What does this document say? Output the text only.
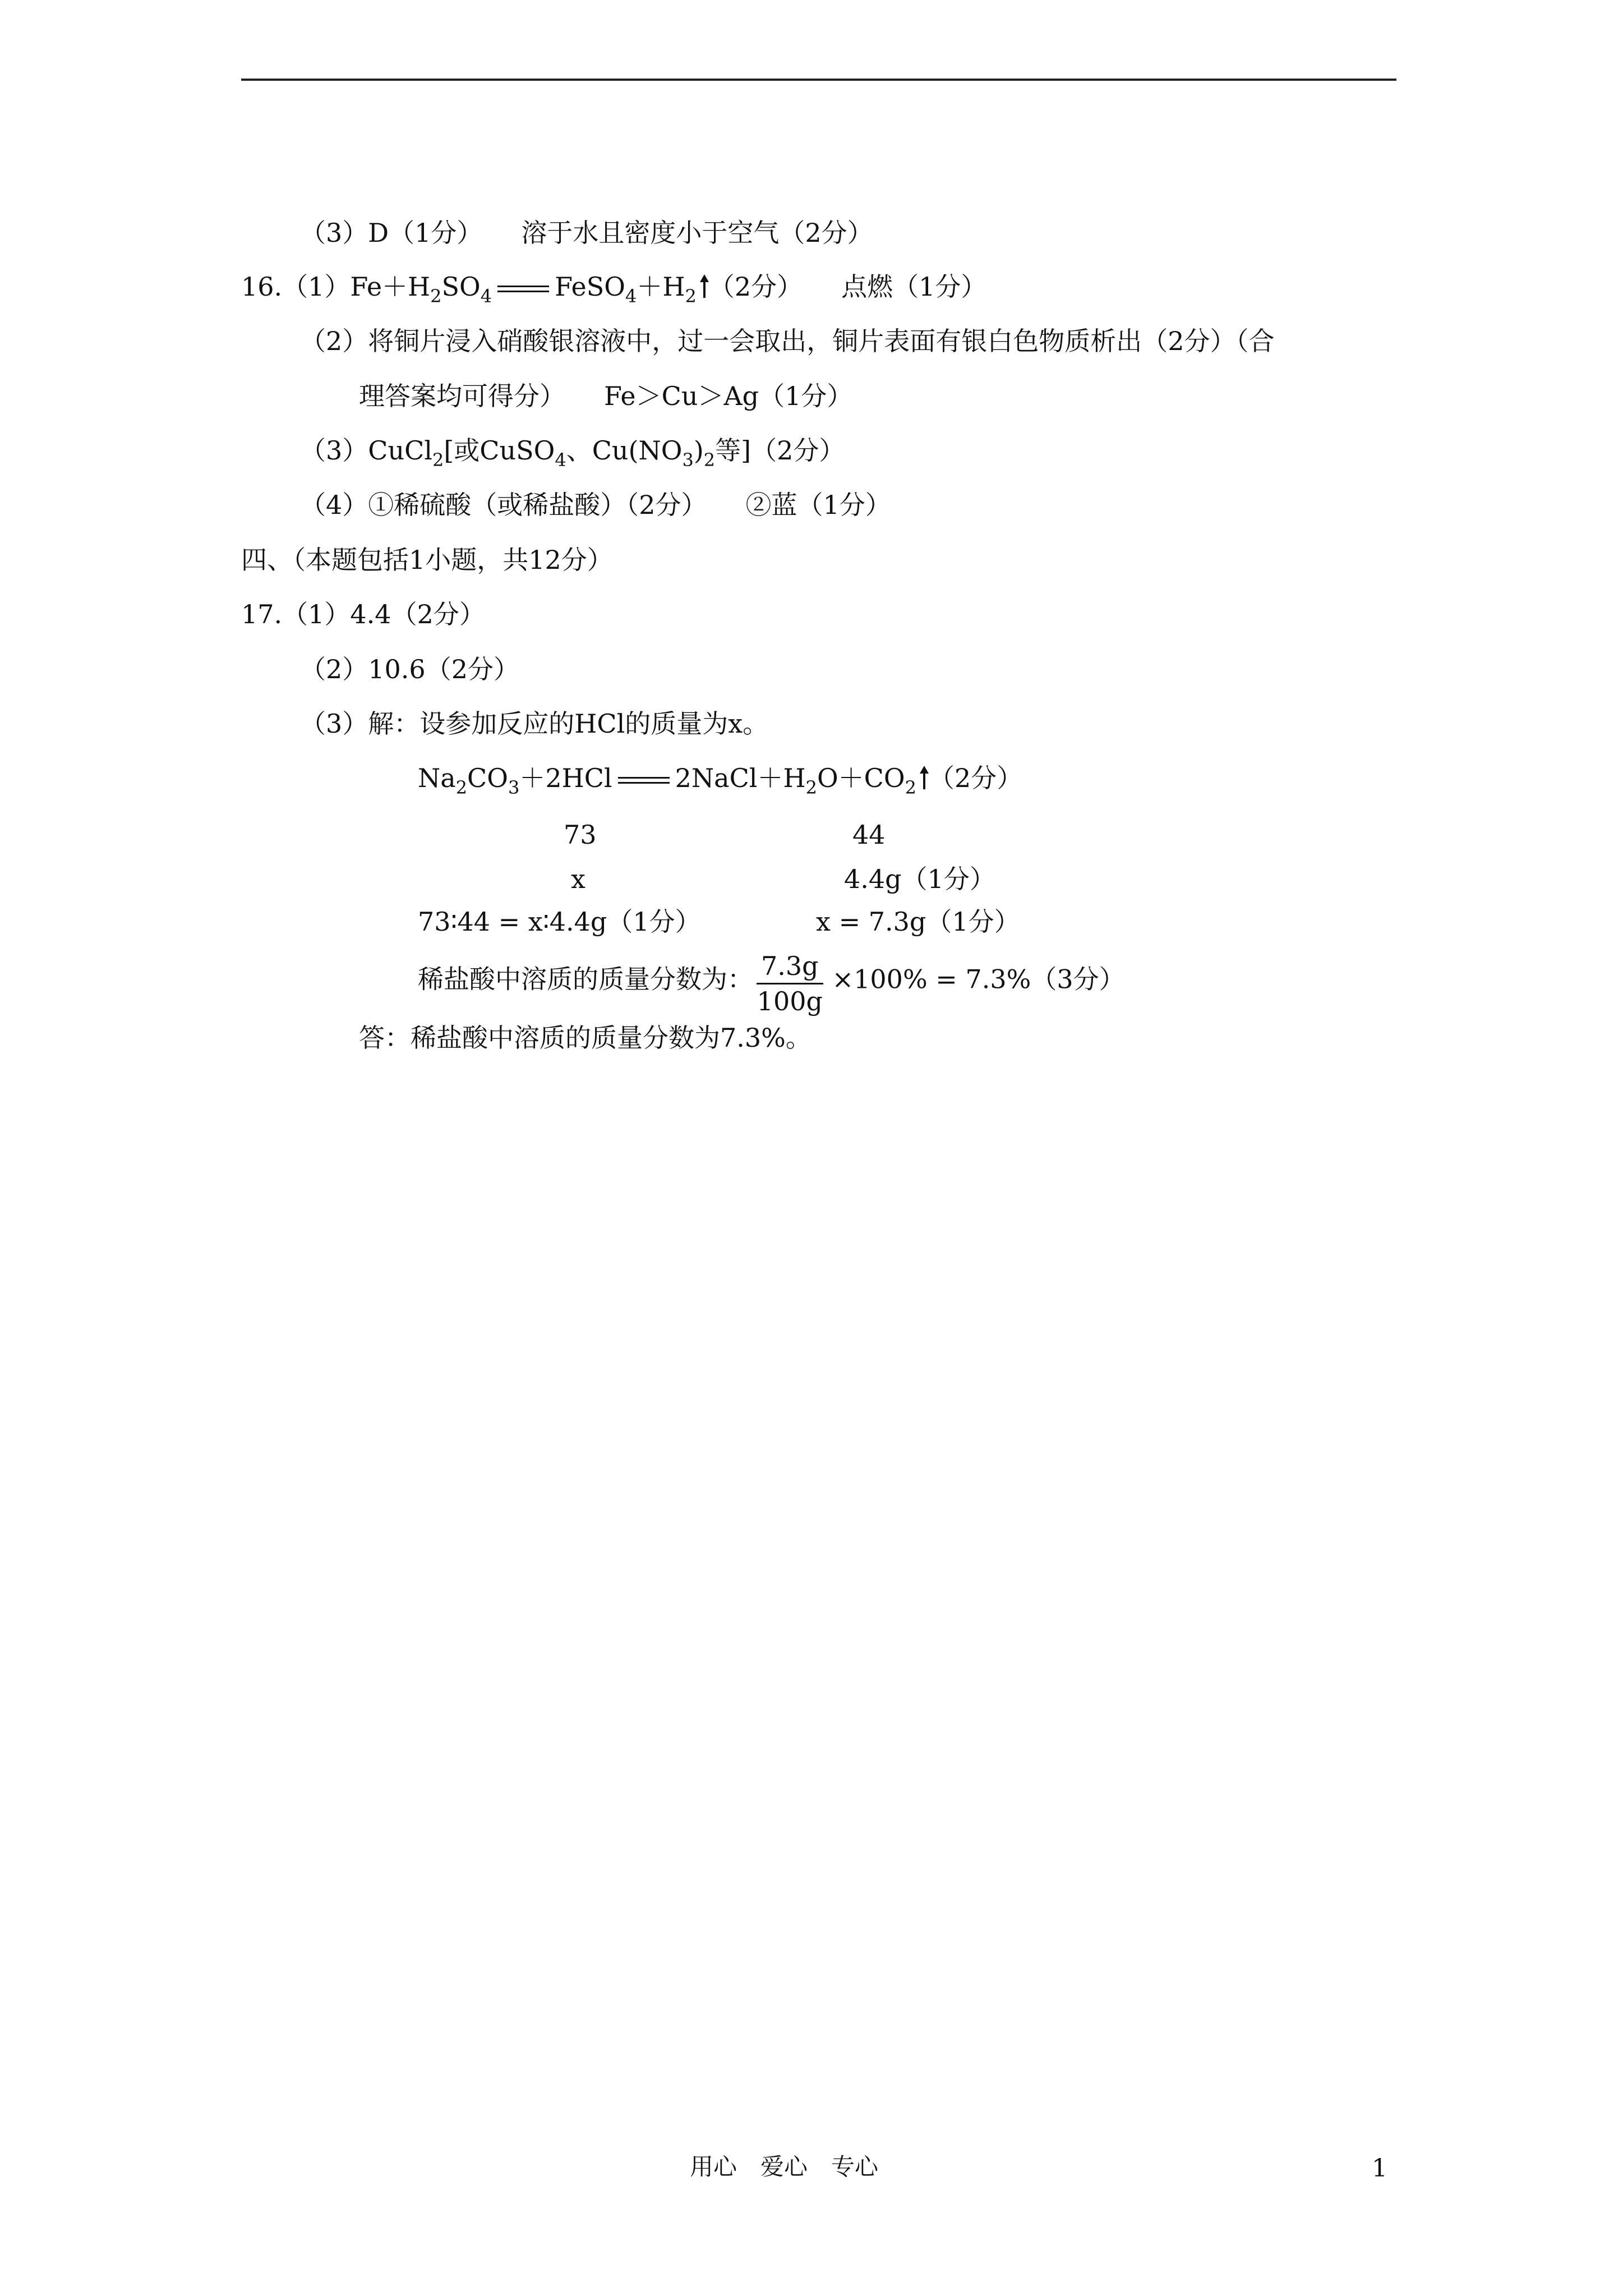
（3）D（1分）　　溶于水且密度小于空气（2分）
$16.(1)Fe+H_2SO_4$ $FeSO_4+H_2$ （2分）　　点燃（1分）
（2）将铜片浸入硝酸银溶液中，过一会取出，铜片表面有银白色物质析出（2分）（合
理答案均可得分）　　Fe＞Cu＞Ag（1分）
（3）CuCl$_2$[或CuSO$_4$、$Cu(NO_3)_2$等]（2分）
（4）①稀硫酸（或稀盐酸）（2分）　　②蓝（1分）
四、（本题包括1小题，共12分）
17.（1）4.4（2分）
（2）10.6（2分）
（3）解：设参加反应的HCl的质量为x。
$Na_2CO_3+2HCl$ $2NaCl+H_2O+CO_2$ （2分）
73	44
x	4.4g（1分）
73∶44 = x∶4.4g（1分）	x = 7.3g（1分）
稀盐酸中溶质的质量分数为： $\frac{7.3g}{100g} \times 100\% = 7.3\%(3$分）
答：稀盐酸中溶质的质量分数为7.3%。
用心　爱心　专心	1
